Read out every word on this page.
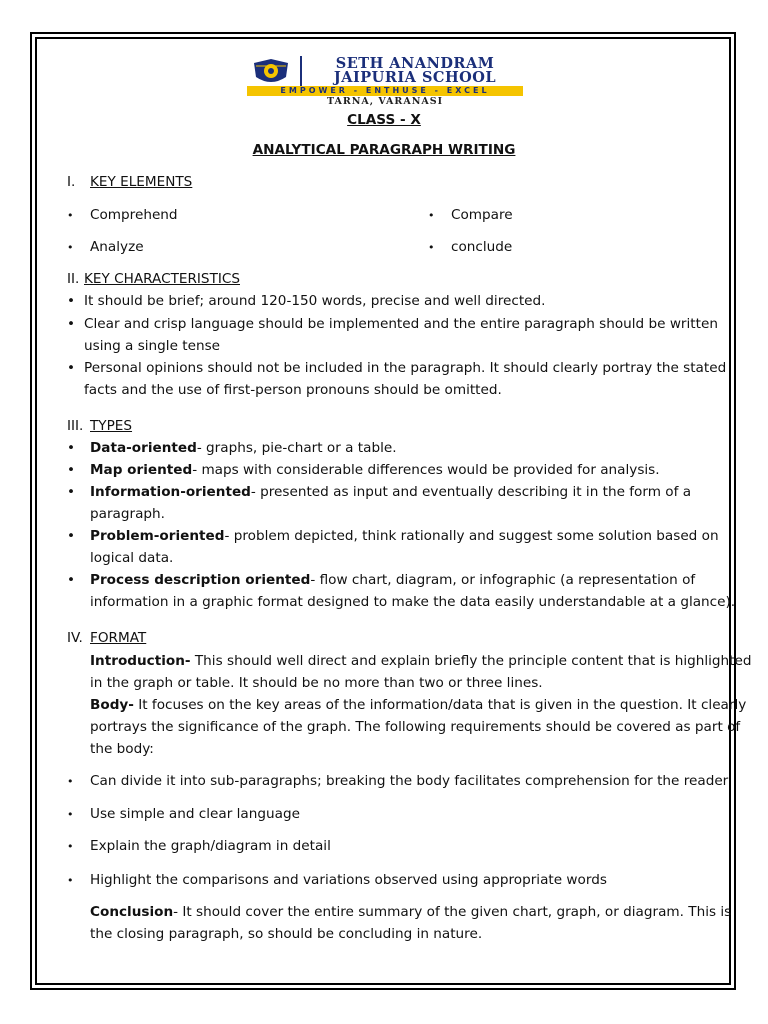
SETH ANANDRAM
JAIPURIA SCHOOL
EMPOWER - ENTHUSE - EXCEL
TARNA, VARANASI
CLASS - X
ANALYTICAL PARAGRAPH WRITING
I. KEY ELEMENTS
• Comprehend	• Compare
• Analyze	• conclude
II. KEY CHARACTERISTICS
• It should be brief; around 120-150 words, precise and well directed.
• Clear and crisp language should be implemented and the entire paragraph should be written
using a single tense
• Personal opinions should not be included in the paragraph. It should clearly portray the stated
facts and the use of first-person pronouns should be omitted.
III. TYPES
• Data-oriented- graphs, pie-chart or a table.
• Map oriented- maps with considerable differences would be provided for analysis.
• Information-oriented- presented as input and eventually describing it in the form of a
paragraph.
• Problem-oriented- problem depicted, think rationally and suggest some solution based on
logical data.
• Process description oriented- flow chart, diagram, or infographic (a representation of
information in a graphic format designed to make the data easily understandable at a glance).
IV. FORMAT
Introduction- This should well direct and explain briefly the principle content that is highlighted
in the graph or table. It should be no more than two or three lines.
Body- It focuses on the key areas of the information/data that is given in the question. It clearly
portrays the significance of the graph. The following requirements should be covered as part of
the body:
• Can divide it into sub-paragraphs; breaking the body facilitates comprehension for the reader
• Use simple and clear language
• Explain the graph/diagram in detail
• Highlight the comparisons and variations observed using appropriate words
Conclusion- It should cover the entire summary of the given chart, graph, or diagram. This is
the closing paragraph, so should be concluding in nature.
